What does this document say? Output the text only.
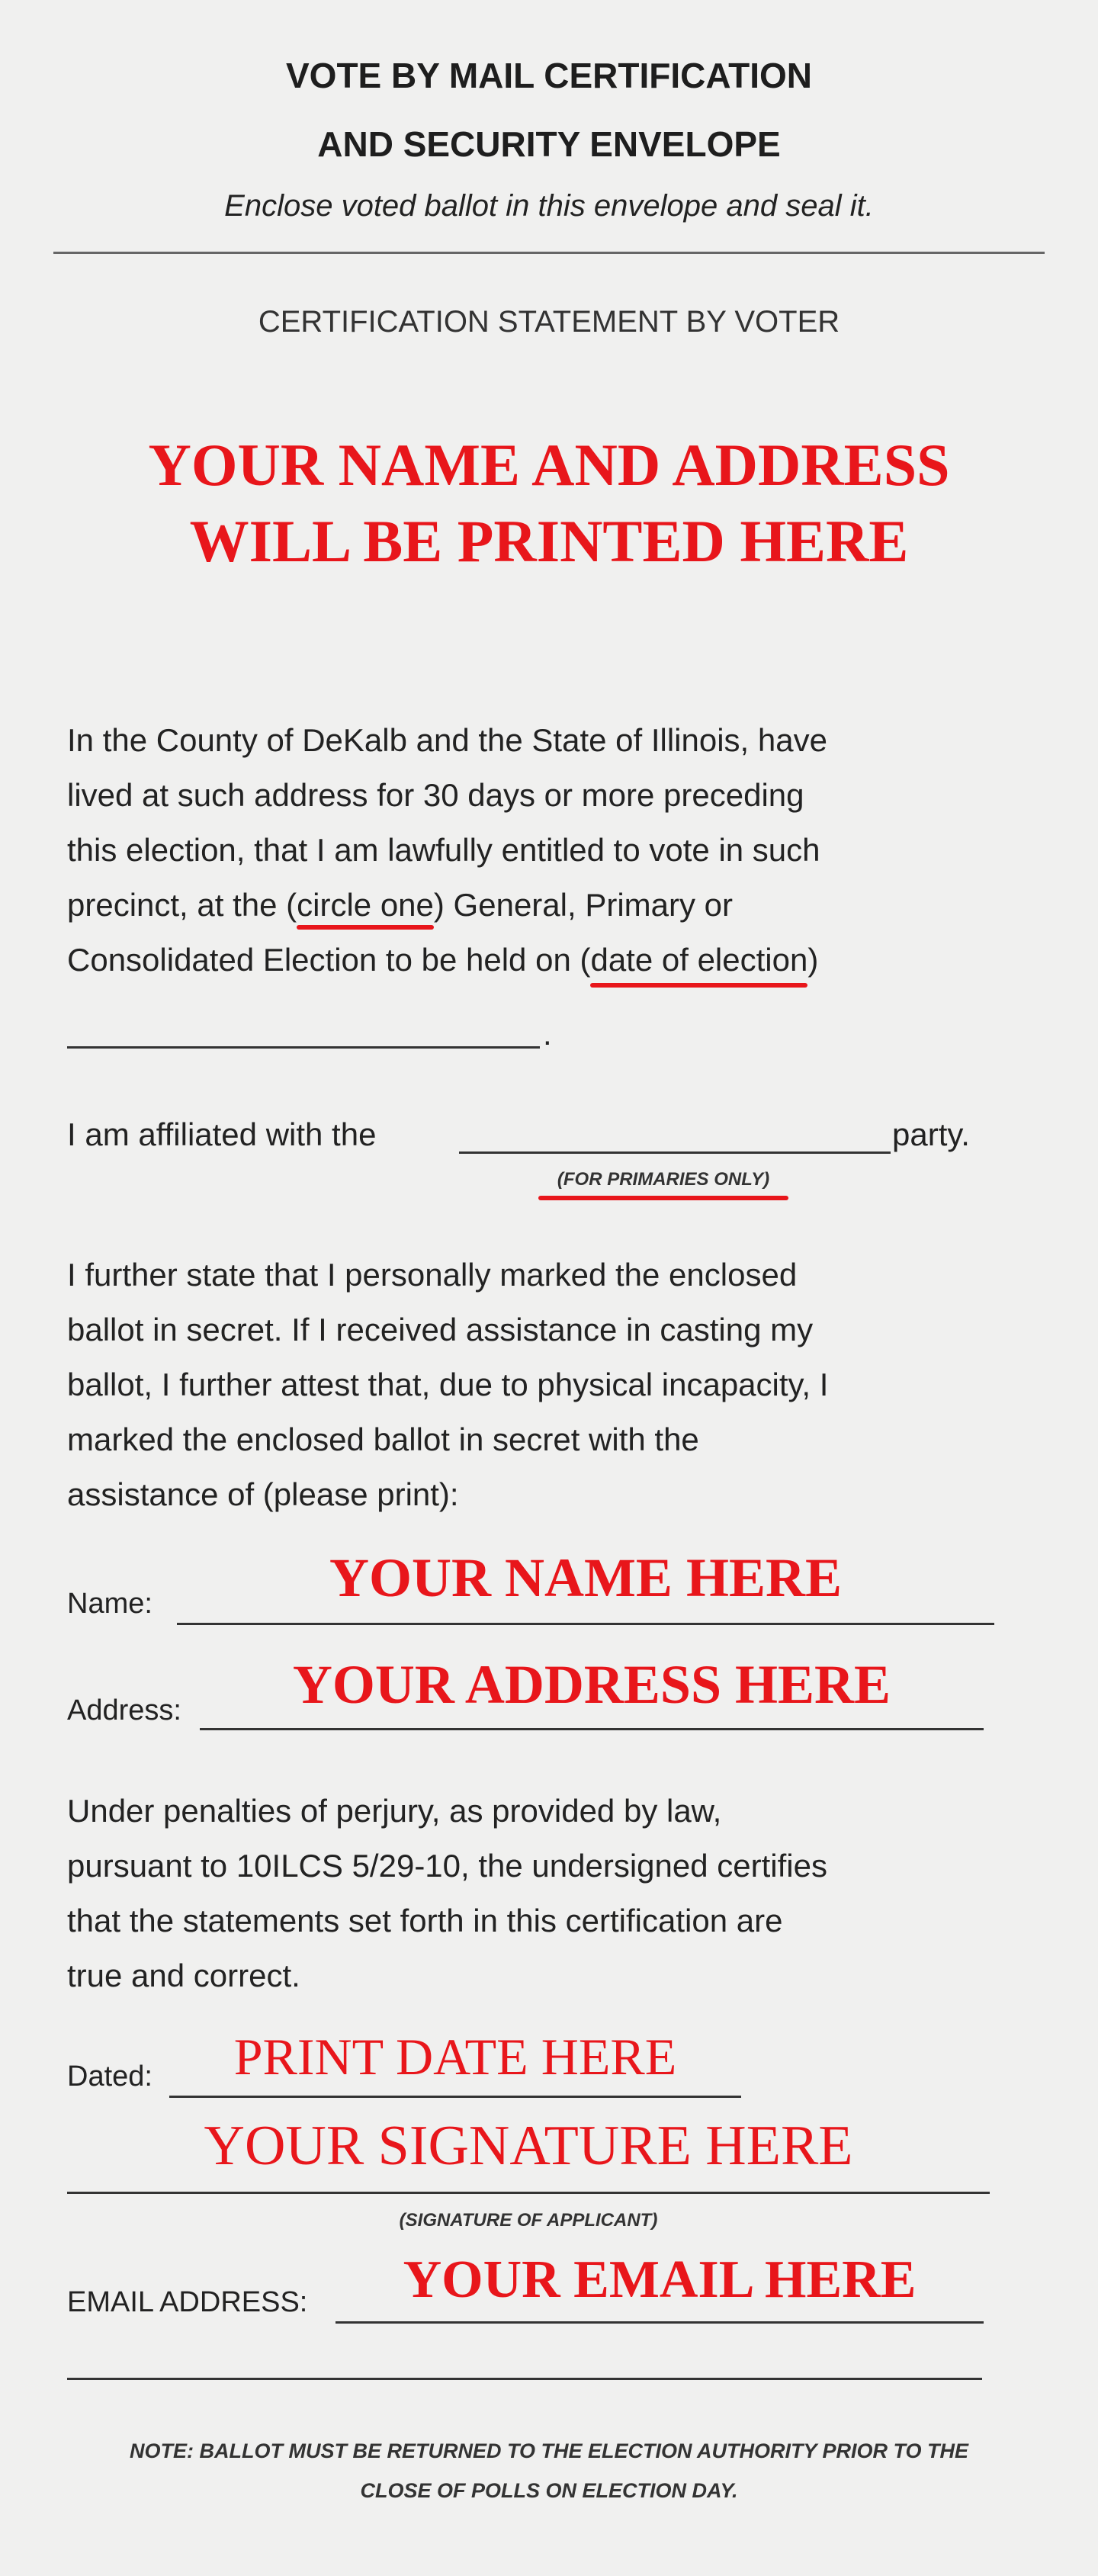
VOTE BY MAIL CERTIFICATION
AND SECURITY ENVELOPE
Enclose voted ballot in this envelope and seal it.
CERTIFICATION STATEMENT BY VOTER
YOUR NAME AND ADDRESS
WILL BE PRINTED HERE
In the County of DeKalb and the State of Illinois, have
lived at such address for 30 days or more preceding
this election, that I am lawfully entitled to vote in such
precinct, at the (circle one
) General, Primary or
Consolidated Election to be held on (date of election
)
.
I am affiliated with the	party.
(FOR PRIMARIES ONLY)
I further state that I personally marked the enclosed
ballot in secret. If I received assistance in casting my
ballot, I further attest that, due to physical incapacity, I
marked the enclosed ballot in secret with the
assistance of (please print):
Name:	YOUR NAME HERE
Address:	YOUR ADDRESS HERE
Under penalties of perjury, as provided by law,
pursuant to 10ILCS 5/29-10, the undersigned certifies
that the statements set forth in this certification are
true and correct.
Dated:	PRINT DATE HERE
YOUR SIGNATURE HERE
(SIGNATURE OF APPLICANT)
EMAIL ADDRESS:	YOUR EMAIL HERE
NOTE: BALLOT MUST BE RETURNED TO THE ELECTION AUTHORITY PRIOR TO THE
CLOSE OF POLLS ON ELECTION DAY.
